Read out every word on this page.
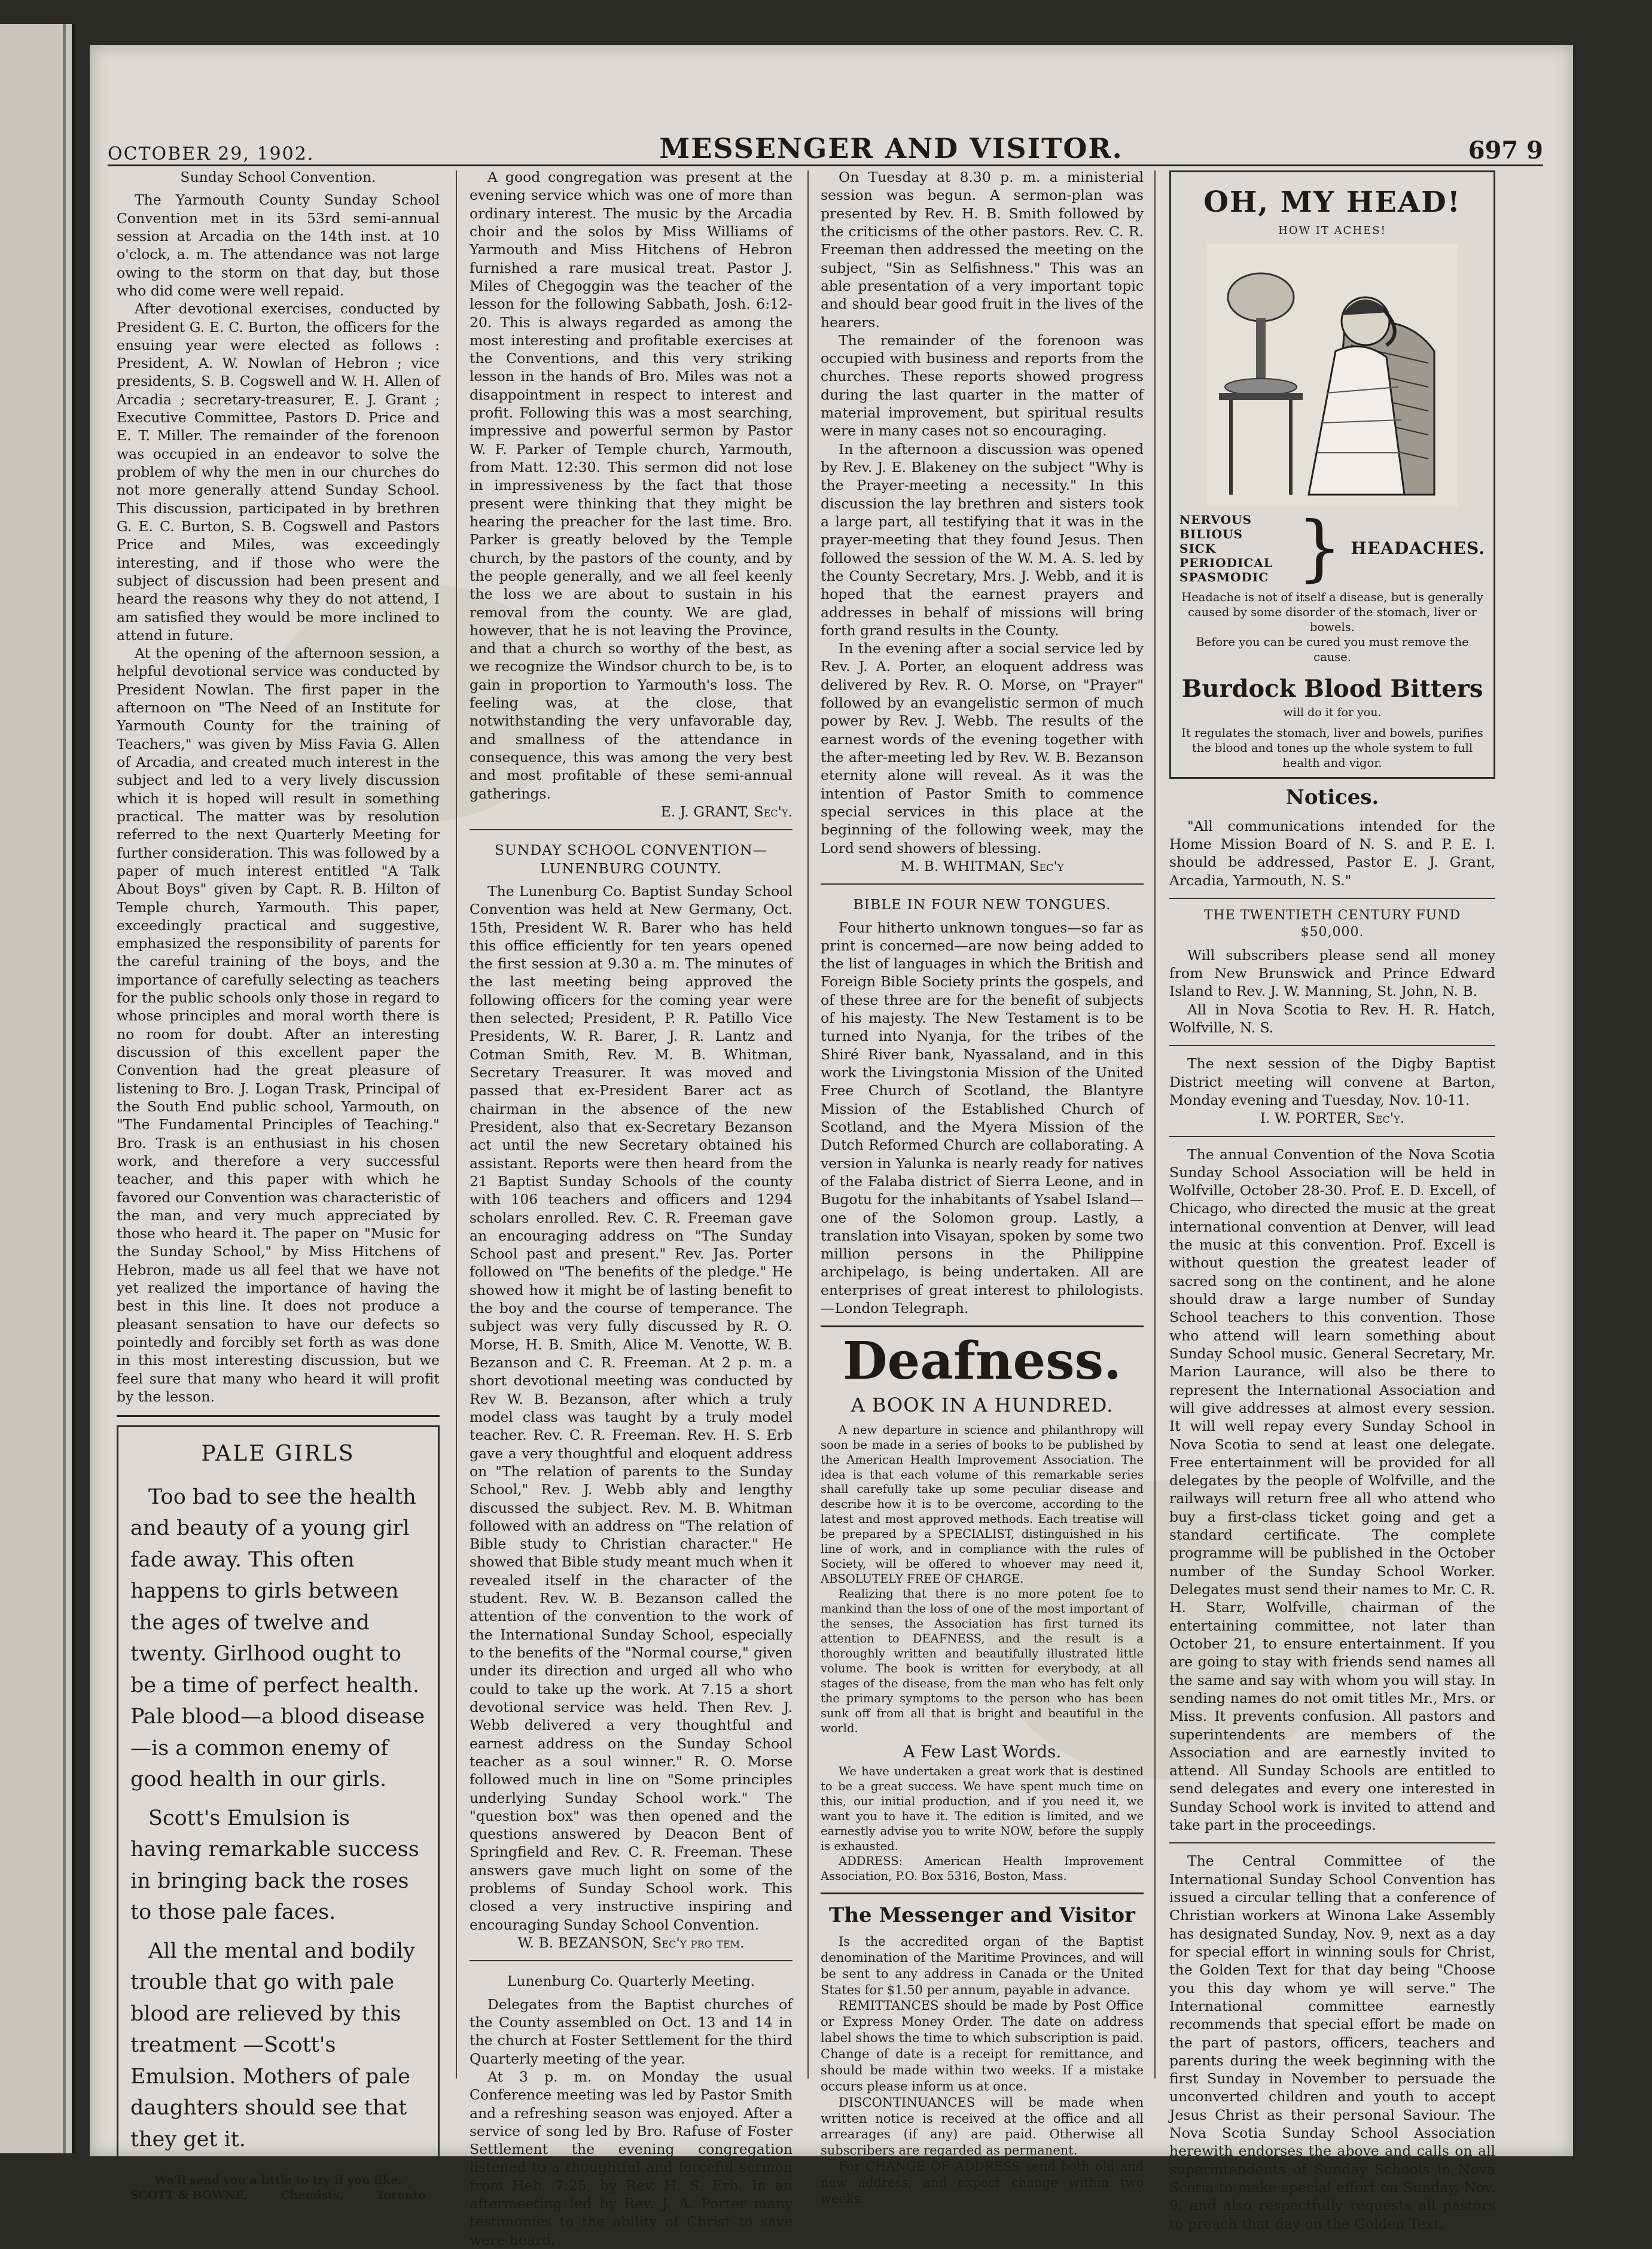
OCTOBER 29, 1902.	MESSENGER AND VISITOR.	697 9
Sunday School Convention.

The Yarmouth County Sunday School Convention met in its 53rd semi-annual session at Arcadia on the 14th inst. at 10 o'clock, a. m. The attendance was not large owing to the storm on that day, but those who did come were well repaid.

After devotional exercises, conducted by President G. E. C. Burton, the officers for the ensuing year were elected as follows : President, A. W. Nowlan of Hebron ; vice presidents, S. B. Cogswell and W. H. Allen of Arcadia ; secretary-treasurer, E. J. Grant ; Executive Committee, Pastors D. Price and E. T. Miller. The remainder of the forenoon was occupied in an endeavor to solve the problem of why the men in our churches do not more generally attend Sunday School. This discussion, participated in by brethren G. E. C. Burton, S. B. Cogswell and Pastors Price and Miles, was exceedingly interesting, and if those who were the subject of discussion had been present and heard the reasons why they do not attend, I am satisfied they would be more inclined to attend in future.

At the opening of the afternoon session, a helpful devotional service was conducted by President Nowlan. The first paper in the afternoon on "The Need of an Institute for Yarmouth County for the training of Teachers," was given by Miss Favia G. Allen of Arcadia, and created much interest in the subject and led to a very lively discussion which it is hoped will result in something practical. The matter was by resolution referred to the next Quarterly Meeting for further consideration. This was followed by a paper of much interest entitled "A Talk About Boys" given by Capt. R. B. Hilton of Temple church, Yarmouth. This paper, exceedingly practical and suggestive, emphasized the responsibility of parents for the careful training of the boys, and the importance of carefully selecting as teachers for the public schools only those in regard to whose principles and moral worth there is no room for doubt. After an interesting discussion of this excellent paper the Convention had the great pleasure of listening to Bro. J. Logan Trask, Principal of the South End public school, Yarmouth, on "The Fundamental Principles of Teaching." Bro. Trask is an enthusiast in his chosen work, and therefore a very successful teacher, and this paper with which he favored our Convention was characteristic of the man, and very much appreciated by those who heard it. The paper on "Music for the Sunday School," by Miss Hitchens of Hebron, made us all feel that we have not yet realized the importance of having the best in this line. It does not produce a pleasant sensation to have our defects so pointedly and forcibly set forth as was done in this most interesting discussion, but we feel sure that many who heard it will profit by the lesson.

PALE GIRLS

Too bad to see the health and beauty of a young girl fade away. This often happens to girls between the ages of twelve and twenty. Girlhood ought to be a time of perfect health. Pale blood—a blood disease—is a common enemy of good health in our girls.

Scott's Emulsion is having remarkable success in bringing back the roses to those pale faces.

All the mental and bodily trouble that go with pale blood are relieved by this treatment —Scott's Emulsion. Mothers of pale daughters should see that they get it.

We'll send you a little to try if you like.
SCOTT & BOWNE,	Chemists,	Toronto

A good congregation was present at the evening service which was one of more than ordinary interest. The music by the Arcadia choir and the solos by Miss Williams of Yarmouth and Miss Hitchens of Hebron furnished a rare musical treat. Pastor J. Miles of Chegoggin was the teacher of the lesson for the following Sabbath, Josh. 6:12-20. This is always regarded as among the most interesting and profitable exercises at the Conventions, and this very striking lesson in the hands of Bro. Miles was not a disappointment in respect to interest and profit. Following this was a most searching, impressive and powerful sermon by Pastor W. F. Parker of Temple church, Yarmouth, from Matt. 12:30. This sermon did not lose in impressiveness by the fact that those present were thinking that they might be hearing the preacher for the last time. Bro. Parker is greatly beloved by the Temple church, by the pastors of the county, and by the people generally, and we all feel keenly the loss we are about to sustain in his removal from the county. We are glad, however, that he is not leaving the Province, and that a church so worthy of the best, as we recognize the Windsor church to be, is to gain in proportion to Yarmouth's loss. The feeling was, at the close, that notwithstanding the very unfavorable day, and smallness of the attendance in consequence, this was among the very best and most profitable of these semi-annual gatherings.

E. J. GRANT, Sec'y.
SUNDAY SCHOOL CONVENTION— LUNENBURG COUNTY.

The Lunenburg Co. Baptist Sunday School Convention was held at New Germany, Oct. 15th, President W. R. Barer who has held this office efficiently for ten years opened the first session at 9.30 a. m. The minutes of the last meeting being approved the following officers for the coming year were then selected; President, P. R. Patillo Vice Presidents, W. R. Barer, J. R. Lantz and Cotman Smith, Rev. M. B. Whitman, Secretary Treasurer. It was moved and passed that ex-President Barer act as chairman in the absence of the new President, also that ex-Secretary Bezanson act until the new Secretary obtained his assistant. Reports were then heard from the 21 Baptist Sunday Schools of the county with 106 teachers and officers and 1294 scholars enrolled. Rev. C. R. Freeman gave an encouraging address on "The Sunday School past and present." Rev. Jas. Porter followed on "The benefits of the pledge." He showed how it might be of lasting benefit to the boy and the course of temperance. The subject was very fully discussed by R. O. Morse, H. B. Smith, Alice M. Venotte, W. B. Bezanson and C. R. Freeman. At 2 p. m. a short devotional meeting was conducted by Rev W. B. Bezanson, after which a truly model class was taught by a truly model teacher. Rev. C. R. Freeman. Rev. H. S. Erb gave a very thoughtful and eloquent address on "The relation of parents to the Sunday School," Rev. J. Webb ably and lengthy discussed the subject. Rev. M. B. Whitman followed with an address on "The relation of Bible study to Christian character." He showed that Bible study meant much when it revealed itself in the character of the student. Rev. W. B. Bezanson called the attention of the convention to the work of the International Sunday School, especially to the benefits of the "Normal course," given under its direction and urged all who who could to take up the work. At 7.15 a short devotional service was held. Then Rev. J. Webb delivered a very thoughtful and earnest address on the Sunday School teacher as a soul winner." R. O. Morse followed much in line on "Some principles underlying Sunday School work." The "question box" was then opened and the questions answered by Deacon Bent of Springfield and Rev. C. R. Freeman. These answers gave much light on some of the problems of Sunday School work. This closed a very instructive inspiring and encouraging Sunday School Convention.

W. B. BEZANSON, Sec'y pro tem.
Lunenburg Co. Quarterly Meeting.

Delegates from the Baptist churches of the County assembled on Oct. 13 and 14 in the church at Foster Settlement for the third Quarterly meeting of the year.

At 3 p. m. on Monday the usual Conference meeting was led by Pastor Smith and a refreshing season was enjoyed. After a service of song led by Bro. Rafuse of Foster Settlement the evening congregation listened to a thoughtful and forceful sermon from Heb. 7:25, by Rev. H. S. Erb. In an aftermeeting led by Rev. J. A. Porter many testimonies to the ability of Christ to save were heard.

On Tuesday at 8.30 p. m. a ministerial session was begun. A sermon-plan was presented by Rev. H. B. Smith followed by the criticisms of the other pastors. Rev. C. R. Freeman then addressed the meeting on the subject, "Sin as Selfishness." This was an able presentation of a very important topic and should bear good fruit in the lives of the hearers.

The remainder of the forenoon was occupied with business and reports from the churches. These reports showed progress during the last quarter in the matter of material improvement, but spiritual results were in many cases not so encouraging.

In the afternoon a discussion was opened by Rev. J. E. Blakeney on the subject "Why is the Prayer-meeting a necessity." In this discussion the lay brethren and sisters took a large part, all testifying that it was in the prayer-meeting that they found Jesus. Then followed the session of the W. M. A. S. led by the County Secretary, Mrs. J. Webb, and it is hoped that the earnest prayers and addresses in behalf of missions will bring forth grand results in the County.

In the evening after a social service led by Rev. J. A. Porter, an eloquent address was delivered by Rev. R. O. Morse, on "Prayer" followed by an evangelistic sermon of much power by Rev. J. Webb. The results of the earnest words of the evening together with the after-meeting led by Rev. W. B. Bezanson eternity alone will reveal. As it was the intention of Pastor Smith to commence special services in this place at the beginning of the following week, may the Lord send showers of blessing.

M. B. WHITMAN, Sec'y
BIBLE IN FOUR NEW TONGUES.

Four hitherto unknown tongues—so far as print is concerned—are now being added to the list of languages in which the British and Foreign Bible Society prints the gospels, and of these three are for the benefit of subjects of his majesty. The New Testament is to be turned into Nyanja, for the tribes of the Shiré River bank, Nyassaland, and in this work the Livingstonia Mission of the United Free Church of Scotland, the Blantyre Mission of the Established Church of Scotland, and the Myera Mission of the Dutch Reformed Church are collaborating. A version in Yalunka is nearly ready for natives of the Falaba district of Sierra Leone, and in Bugotu for the inhabitants of Ysabel Island—one of the Solomon group. Lastly, a translation into Visayan, spoken by some two million persons in the Philippine archipelago, is being undertaken. All are enterprises of great interest to philologists.—London Telegraph.

Deafness.
A BOOK IN A HUNDRED.

A new departure in science and philanthropy will soon be made in a series of books to be published by the American Health Improvement Association. The idea is that each volume of this remarkable series shall carefully take up some peculiar disease and describe how it is to be overcome, according to the latest and most approved methods. Each treatise will be prepared by a SPECIALIST, distinguished in his line of work, and in compliance with the rules of Society, will be offered to whoever may need it, ABSOLUTELY FREE OF CHARGE.

Realizing that there is no more potent foe to mankind than the loss of one of the most important of the senses, the Association has first turned its attention to DEAFNESS, and the result is a thoroughly written and beautifully illustrated little volume. The book is written for everybody, at all stages of the disease, from the man who has felt only the primary symptoms to the person who has been sunk off from all that is bright and beautiful in the world.

A Few Last Words.

We have undertaken a great work that is destined to be a great success. We have spent much time on this, our initial production, and if you need it, we want you to have it. The edition is limited, and we earnestly advise you to write NOW, before the supply is exhausted.

ADDRESS: American Health Improvement Association, P.O. Box 5316, Boston, Mass.

The Messenger and Visitor

Is the accredited organ of the Baptist denomination of the Maritime Provinces, and will be sent to any address in Canada or the United States for $1.50 per annum, payable in advance.

REMITTANCES should be made by Post Office or Express Money Order. The date on address label shows the time to which subscription is paid. Change of date is a receipt for remittance, and should be made within two weeks. If a mistake occurs please inform us at once.

DISCONTINUANCES will be made when written notice is received at the office and all arrearages (if any) are paid. Otherwise all subscribers are regarded as permanent.

For CHANGE OF ADDRESS send both old and new address, and expect change within two weeks.

OH, MY HEAD!
HOW IT ACHES!
NERVOUS
BILIOUS
SICK
PERIODICAL
SPASMODIC } HEADACHES.

Headache is not of itself a disease, but is generally caused by some disorder of the stomach, liver or bowels.

Before you can be cured you must remove the cause.

Burdock Blood Bitters
will do it for you.

It regulates the stomach, liver and bowels, purifies the blood and tones up the whole system to full health and vigor.

Notices.

"All communications intended for the Home Mission Board of N. S. and P. E. I. should be addressed, Pastor E. J. Grant, Arcadia, Yarmouth, N. S."

THE TWENTIETH CENTURY FUND
$50,000.

Will subscribers please send all money from New Brunswick and Prince Edward Island to Rev. J. W. Manning, St. John, N. B.

All in Nova Scotia to Rev. H. R. Hatch, Wolfville, N. S.

The next session of the Digby Baptist District meeting will convene at Barton, Monday evening and Tuesday, Nov. 10-11.

I. W. PORTER, Sec'y.

The annual Convention of the Nova Scotia Sunday School Association will be held in Wolfville, October 28-30. Prof. E. D. Excell, of Chicago, who directed the music at the great international convention at Denver, will lead the music at this convention. Prof. Excell is without question the greatest leader of sacred song on the continent, and he alone should draw a large number of Sunday School teachers to this convention. Those who attend will learn something about Sunday School music. General Secretary, Mr. Marion Laurance, will also be there to represent the International Association and will give addresses at almost every session. It will well repay every Sunday School in Nova Scotia to send at least one delegate. Free entertainment will be provided for all delegates by the people of Wolfville, and the railways will return free all who attend who buy a first-class ticket going and get a standard certificate. The complete programme will be published in the October number of the Sunday School Worker. Delegates must send their names to Mr. C. R. H. Starr, Wolfville, chairman of the entertaining committee, not later than October 21, to ensure entertainment. If you are going to stay with friends send names all the same and say with whom you will stay. In sending names do not omit titles Mr., Mrs. or Miss. It prevents confusion. All pastors and superintendents are members of the Association and are earnestly invited to attend. All Sunday Schools are entitled to send delegates and every one interested in Sunday School work is invited to attend and take part in the proceedings.

The Central Committee of the International Sunday School Convention has issued a circular telling that a conference of Christian workers at Winona Lake Assembly has designated Sunday, Nov. 9, next as a day for special effort in winning souls for Christ, the Golden Text for that day being "Choose you this day whom ye will serve." The International committee earnestly recommends that special effort be made on the part of pastors, officers, teachers and parents during the week beginning with the first Sunday in November to persuade the unconverted children and youth to accept Jesus Christ as their personal Saviour. The Nova Scotia Sunday School Association herewith endorses the above and calls on all superintendents of Sunday Schools in Nova Scotia to make special effort on Sunday, Nov. 9, and also respectfully requests all pastors to preach that day on the Golden Text.
